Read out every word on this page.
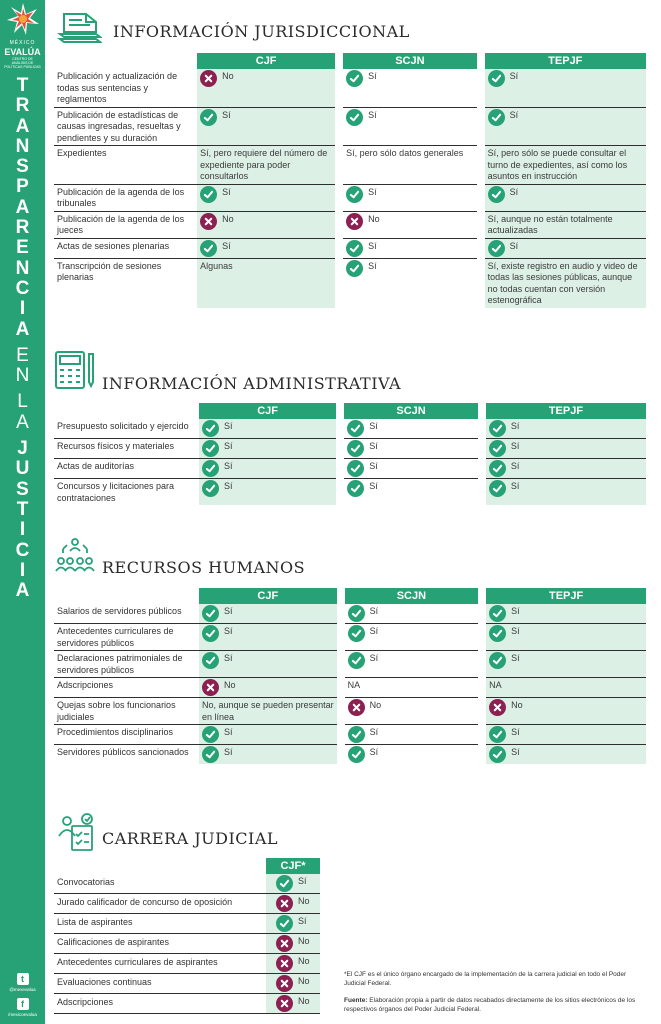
MÉXICO
EVALÚA
CENTRO DE ANÁLISIS DE POLÍTICAS PÚBLICAS
T
R
A
N
S
P
A
R
E
N
C
I
A
E
N
L
A
J
U
S
T
I
C
I
A
t
@mexevalua
f
/mexicoevalua
INFORMACIÓN JURISDICCIONAL
	CJF	SCJN	TEPJF
Publicación y actualización de todas sus sentencias y reglamentos	No	Sí	Sí

Publicación de estadísticas de causas ingresadas, resueltas y pendientes y su duración	Sí	Sí	Sí

Expedientes	Sí, pero requiere del número de expediente para poder consultarlos	Sí, pero sólo datos generales	Sí, pero sólo se puede consultar el turno de expedientes, así como los asuntos en instrucción

Publicación de la agenda de los tribunales	Sí	Sí	Sí

Publicación de la agenda de los jueces	No	No	Sí, aunque no están totalmente actualizadas

Actas de sesiones plenarias	Sí	Sí	Sí

Transcripción de sesiones plenarias	Algunas	Sí	Sí, existe registro en audio y video de todas las sesiones públicas, aunque no todas cuentan con versión estenográfica
INFORMACIÓN ADMINISTRATIVA
	CJF	SCJN	TEPJF
Presupuesto solicitado y ejercido	Sí	Sí	Sí

Recursos físicos y materiales	Sí	Sí	Sí

Actas de auditorías	Sí	Sí	Sí

Concursos y licitaciones para contrataciones	Sí	Sí	Sí
RECURSOS HUMANOS
	CJF	SCJN	TEPJF
Salarios de servidores públicos	Sí	Sí	Sí

Antecedentes curriculares de servidores públicos	Sí	Sí	Sí

Declaraciones patrimoniales de servidores públicos	Sí	Sí	Sí

Adscripciones	No	NA	NA

Quejas sobre los funcionarios judiciales	No, aunque se pueden presentar en línea	No	No

Procedimientos disciplinarios	Sí	Sí	Sí

Servidores públicos sancionados	Sí	Sí	Sí
CARRERA JUDICIAL
	CJF*
Convocatorias	Sí

Jurado calificador de concurso de oposición	No

Lista de aspirantes	Sí

Calificaciones de aspirantes	No

Antecedentes curriculares de aspirantes	No

Evaluaciones continuas	No

Adscripciones	No
*El CJF es el único órgano encargado de la implementación de la carrera judicial en todo el Poder Judicial Federal.
Fuente: Elaboración propia a partir de datos recabados directamente de los sitios electrónicos de los respectivos órganos del Poder Judicial Federal.
